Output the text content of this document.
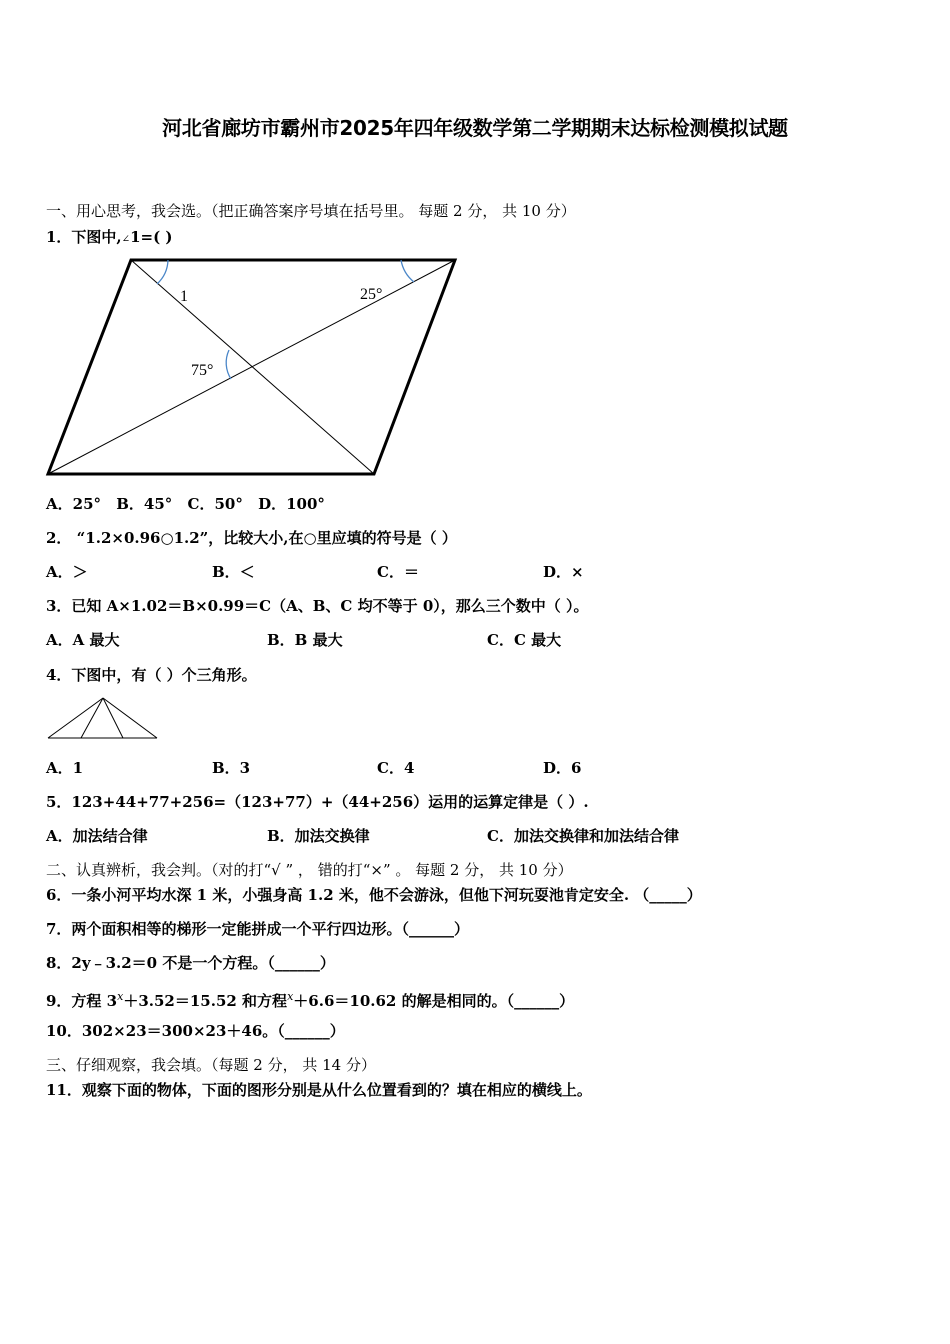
河北省廊坊市霸州市2025年四年级数学第二学期期末达标检测模拟试题
一、用心思考，我会选。（把正确答案序号填在括号里。 每题 2 分， 共 10 分）
1．下图中,∠1=( )
1	25°
75°
A．25° B．45° C．50° D．100°
2． “1.2×0.96○1.2”，比较大小,在○里应填的符号是（ ）
A．＞	B．＜	C．＝	D．×
3．已知 A×1.02＝B×0.99＝C（A、B、C 均不等于 0），那么三个数中（ ）。
A．A 最大	B．B 最大	C．C 最大
4．下图中，有（ ）个三角形。
A．1	B．3	C．4	D．6
5．123+44+77+256=（123+77）+（44+256）运用的运算定律是（ ）.
A．加法结合律	B．加法交换律	C．加法交换律和加法结合律
二、认真辨析，我会判。（对的打“√ ” ， 错的打“×” 。 每题 2 分， 共 10 分）
6．一条小河平均水深 1 米，小强身高 1.2 米，他不会游泳，但他下河玩耍池肯定安全. （_____）
7．两个面积相等的梯形一定能拼成一个平行四边形。（______）
8．2y﹣3.2＝0 不是一个方程。（______）
9．方程 $3^x+3.52=15.52$ 和方程$^x$＋6.6＝10.62 的解是相同的。（______）
10．302×23＝300×23＋46。（______）
三、仔细观察，我会填。（每题 2 分， 共 14 分）
11．观察下面的物体，下面的图形分别是从什么位置看到的？填在相应的横线上。
